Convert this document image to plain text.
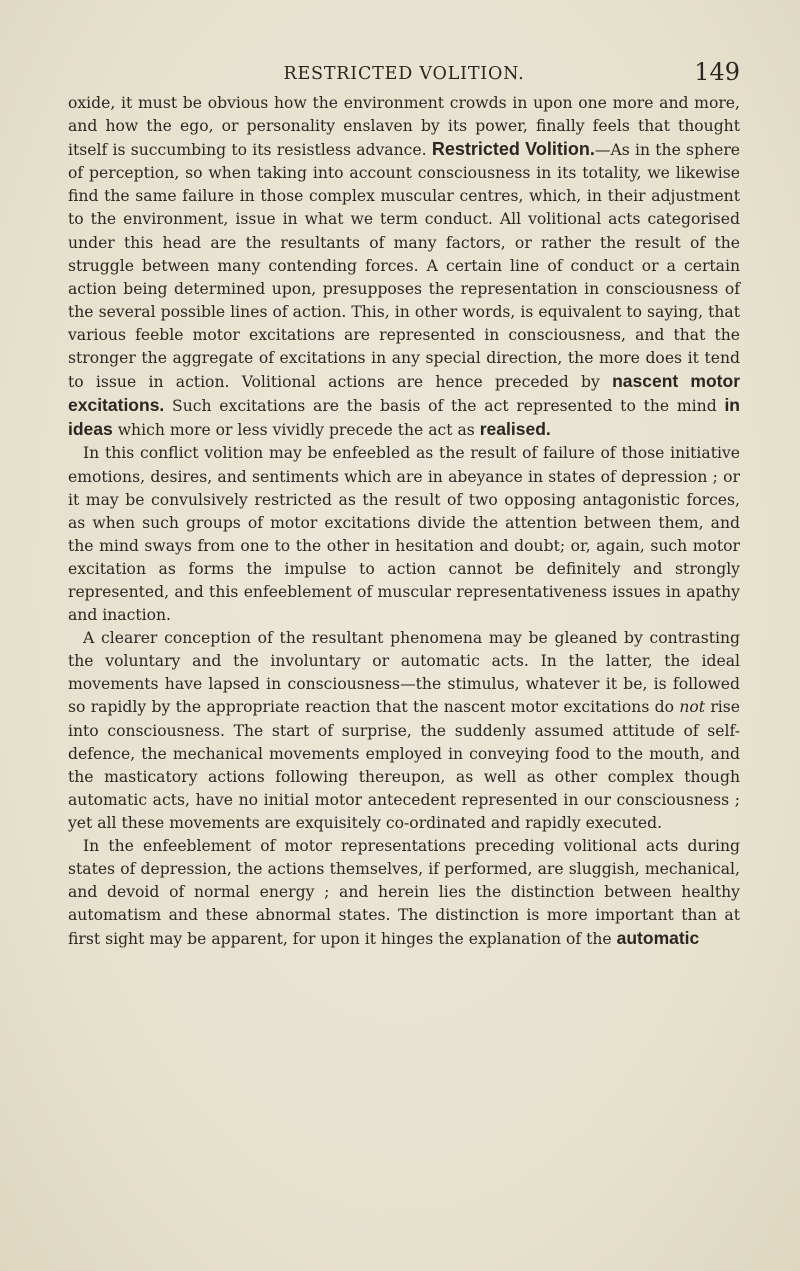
RESTRICTED VOLITION.	149

oxide, it must be obvious how the environment crowds in upon one more and more, and how the ego, or personality enslaven by its power, finally feels that thought itself is succumbing to its resistless advance. Restricted Volition.—As in the sphere of perception, so when taking into account consciousness in its totality, we likewise find the same failure in those complex muscular centres, which, in their adjustment to the environment, issue in what we term conduct. All volitional acts categorised under this head are the resultants of many factors, or rather the result of the struggle between many contending forces. A certain line of conduct or a certain action being determined upon, presupposes the representation in consciousness of the several possible lines of action. This, in other words, is equivalent to saying, that various feeble motor excitations are represented in consciousness, and that the stronger the aggregate of excitations in any special direction, the more does it tend to issue in action. Volitional actions are hence preceded by nascent motor excitations. Such excitations are the basis of the act represented to the mind in ideas which more or less vividly precede the act as realised.

In this conflict volition may be enfeebled as the result of failure of those initiative emotions, desires, and sentiments which are in abeyance in states of depression ; or it may be convulsively restricted as the result of two opposing antagonistic forces, as when such groups of motor excitations divide the attention between them, and the mind sways from one to the other in hesitation and doubt; or, again, such motor excitation as forms the impulse to action cannot be definitely and strongly represented, and this enfeeblement of muscular representativeness issues in apathy and inaction.

A clearer conception of the resultant phenomena may be gleaned by contrasting the voluntary and the involuntary or automatic acts. In the latter, the ideal movements have lapsed in consciousness—the stimulus, whatever it be, is followed so rapidly by the appropriate reaction that the nascent motor excitations do not rise into consciousness. The start of surprise, the suddenly assumed attitude of self-defence, the mechanical movements employed in conveying food to the mouth, and the masticatory actions following thereupon, as well as other complex though automatic acts, have no initial motor antecedent represented in our consciousness ; yet all these movements are exquisitely co-ordinated and rapidly executed.

In the enfeeblement of motor representations preceding volitional acts during states of depression, the actions themselves, if performed, are sluggish, mechanical, and devoid of normal energy ; and herein lies the distinction between healthy automatism and these abnormal states. The distinction is more important than at first sight may be apparent, for upon it hinges the explanation of the automatic
